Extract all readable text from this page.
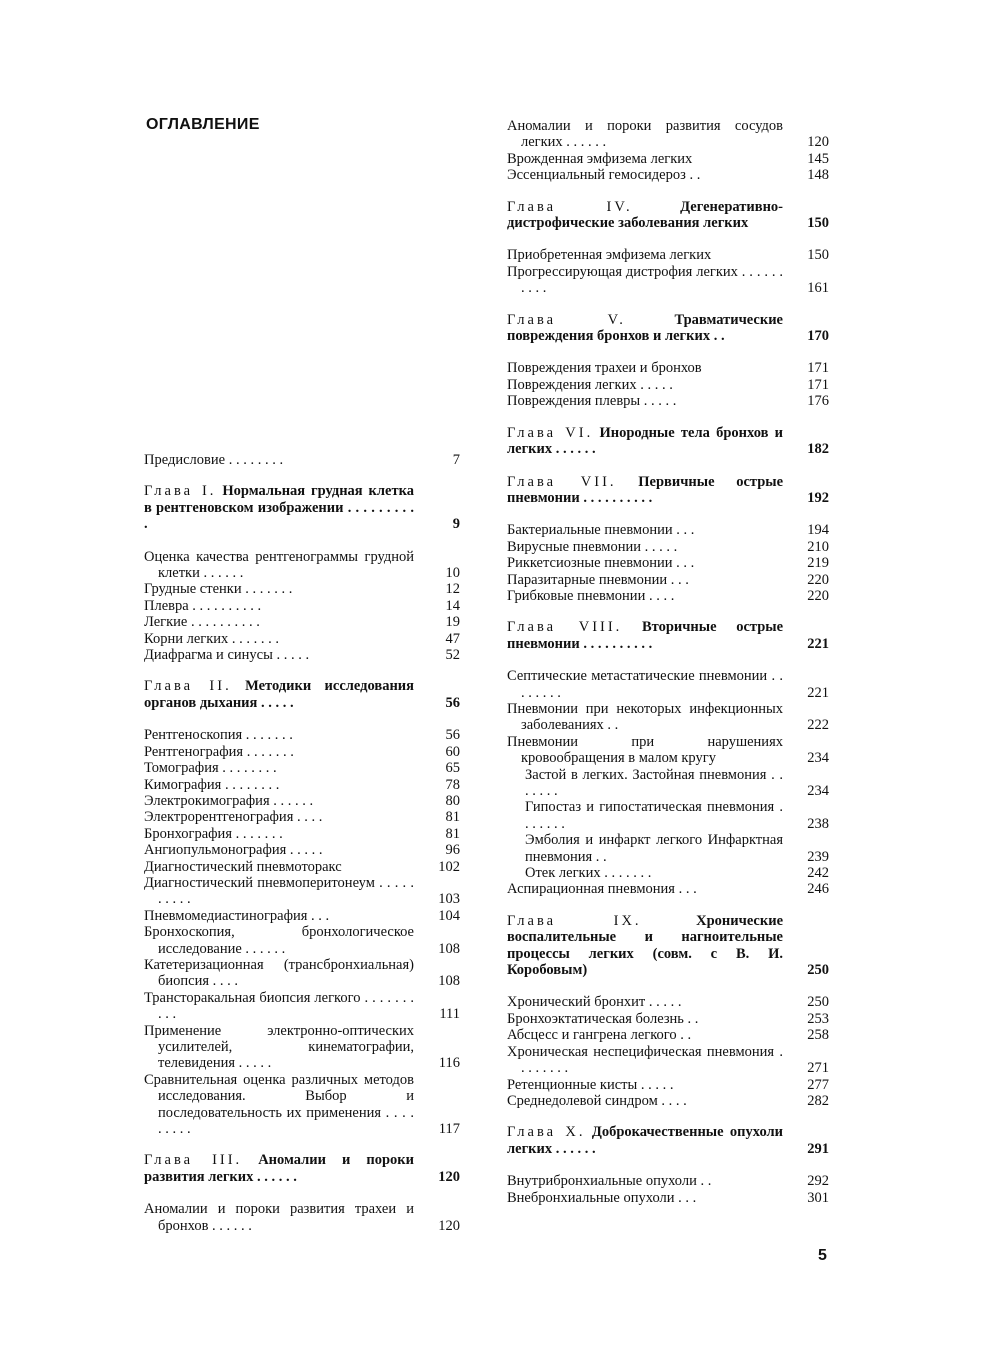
ОГЛАВЛЕНИЕ
Предисловие . . . . . . . .	7
Глава I. Нормальная грудная клетка в рентгеновском изображении . . . . . . . . . .	9
Оценка качества рентгенограммы грудной клетки . . . . . .	10
Грудные стенки . . . . . . .	12
Плевра . . . . . . . . . .	14
Легкие . . . . . . . . . .	19
Корни легких . . . . . . .	47
Диафрагма и синусы . . . . .	52
Глава II. Методики исследования органов дыхания . . . . .	56
Рентгеноскопия . . . . . . .	56
Рентгенография . . . . . . .	60
Томография . . . . . . . .	65
Кимография . . . . . . . .	78
Электрокимография . . . . . .	80
Электрорентгенография . . . .	81
Бронхография . . . . . . .	81
Ангиопульмонография . . . . .	96
Диагностический пневмоторакс	102
Диагностический пневмоперитонеум . . . . . . . . . .	103
Пневмомедиастинография . . .	104
Бронхоскопия, бронхологическое исследование . . . . . .	108
Катетеризационная (трансбронхиальная) биопсия . . . .	108
Трансторакальная биопсия легкого . . . . . . . . . .	111
Применение электронно-оптических усилителей, кинематографии, телевидения . . . . .	116
Сравнительная оценка различных методов исследования. Выбор и последовательность их применения . . . . . . . . .	117
Глава III. Аномалии и пороки развития легких . . . . . .	120
Аномалии и пороки развития трахеи и бронхов . . . . . .	120
Аномалии и пороки развития сосудов легких . . . . . .	120
Врожденная эмфизема легких	145
Эссенциальный гемосидероз . .	148
Глава IV.	Дегенеративно-дистрофические заболевания легких	150
Приобретенная эмфизема легких	150
Прогрессирующая дистрофия легких . . . . . . . . . .	161
Глава V.	Травматические повреждения бронхов и легких . .	170
Повреждения трахеи и бронхов	171
Повреждения легких . . . . .	171
Повреждения плевры . . . . .	176
Глава VI. Инородные тела бронхов и легких . . . . . .	182
Глава VII. Первичные острые пневмонии . . . . . . . . . .	192
Бактериальные пневмонии . . .	194
Вирусные пневмонии . . . . .	210
Риккетсиозные пневмонии . . .	219
Паразитарные пневмонии . . .	220
Грибковые пневмонии . . . .	220
Глава VIII. Вторичные острые пневмонии . . . . . . . . . .	221
Септические метастатические пневмонии . . . . . . . .	221
Пневмонии при некоторых инфекционных заболеваниях . .	222
Пневмонии при нарушениях кровообращения в малом кругу	234
Застой в легких. Застойная пневмония . . . . . . .	234
Гипостаз и гипостатическая пневмония . . . . . . .	238
Эмболия и инфаркт легкого Инфарктная пневмония . .	239
Отек легких . . . . . . .	242
Аспирационная пневмония . . .	246
Глава IX.	Хронические воспалительные и нагноительные процессы легких (совм. с В. И. Коробовым)	250
Хронический бронхит . . . . .	250
Бронхоэктатическая болезнь . .	253
Абсцесс и гангрена легкого . .	258
Хроническая неспецифическая пневмония . . . . . . . .	271
Ретенционные кисты . . . . .	277
Среднедолевой синдром . . . .	282
Глава X. Доброкачественные опухоли легких . . . . . .	291
Внутрибронхиальные опухоли . .	292
Внебронхиальные опухоли . . .	301
5
